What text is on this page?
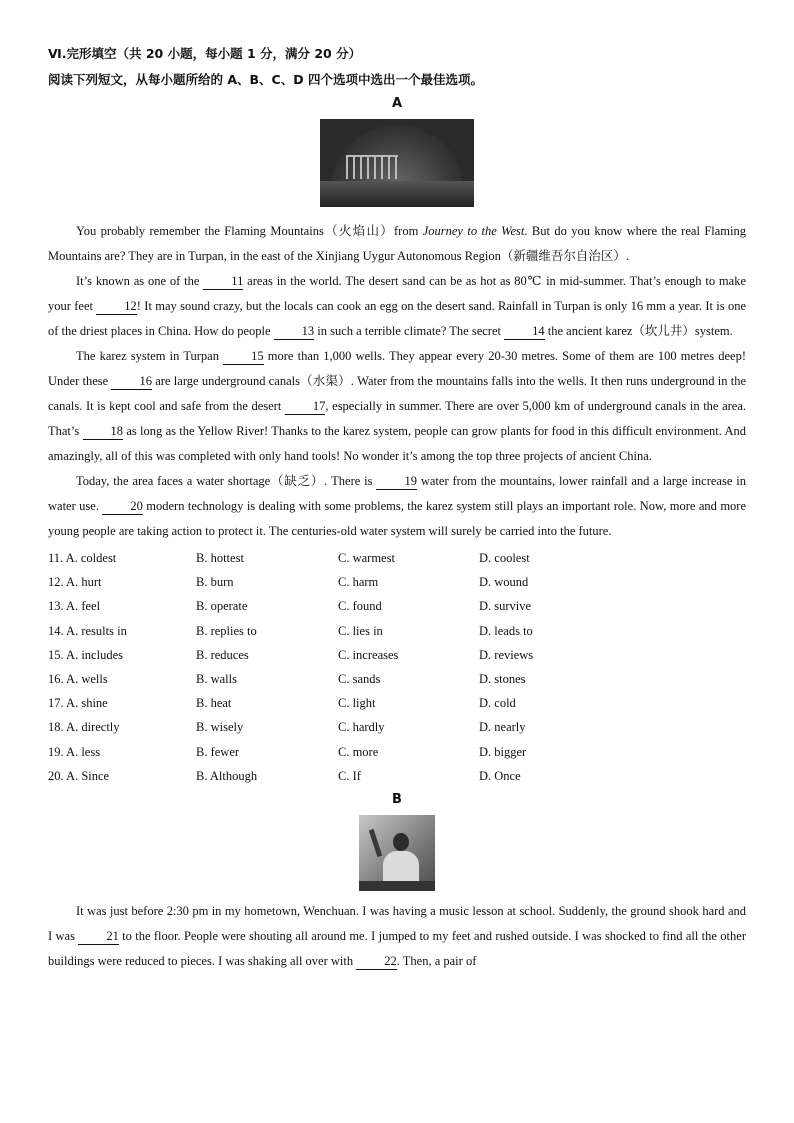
Ⅵ.完形填空（共 20 小题，每小题 1 分，满分 20 分）
阅读下列短文，从每小题所给的 A、B、C、D 四个选项中选出一个最佳选项。
A

You probably remember the Flaming Mountains（火焰山）from Journey to the West. But do you know where the real Flaming Mountains are? They are in Turpan, in the east of the Xinjiang Uygur Autonomous Region（新疆维吾尔自治区）.

It’s known as one of the 11 areas in the world. The desert sand can be as hot as 80℃ in mid-summer. That’s enough to make your feet 12! It may sound crazy, but the locals can cook an egg on the desert sand. Rainfall in Turpan is only 16 mm a year. It is one of the driest places in China. How do people 13 in such a terrible climate? The secret 14 the ancient karez（坎儿井）system.

The karez system in Turpan 15 more than 1,000 wells. They appear every 20-30 metres. Some of them are 100 metres deep! Under these 16 are large underground canals（水渠）. Water from the mountains falls into the wells. It then runs underground in the canals. It is kept cool and safe from the desert 17, especially in summer. There are over 5,000 km of underground canals in the area. That’s 18 as long as the Yellow River! Thanks to the karez system, people can grow plants for food in this difficult environment. And amazingly, all of this was completed with only hand tools! No wonder it’s among the top three projects of ancient China.

Today, the area faces a water shortage（缺乏）. There is 19 water from the mountains, lower rainfall and a large increase in water use. 20 modern technology is dealing with some problems, the karez system still plays an important role. Now, more and more young people are taking action to protect it. The centuries-old water system will surely be carried into the future.

11. A. coldest	B. hottest	C. warmest	D. coolest
12. A. hurt	B. burn	C. harm	D. wound
13. A. feel	B. operate	C. found	D. survive
14. A. results in	B. replies to	C. lies in	D. leads to
15. A. includes	B. reduces	C. increases	D. reviews
16. A. wells	B. walls	C. sands	D. stones
17. A. shine	B. heat	C. light	D. cold
18. A. directly	B. wisely	C. hardly	D. nearly
19. A. less	B. fewer	C. more	D. bigger
20. A. Since	B. Although	C. If	D. Once
B

It was just before 2:30 pm in my hometown, Wenchuan. I was having a music lesson at school. Suddenly, the ground shook hard and I was 21 to the floor. People were shouting all around me. I jumped to my feet and rushed outside. I was shocked to find all the other buildings were reduced to pieces. I was shaking all over with 22. Then, a pair of
